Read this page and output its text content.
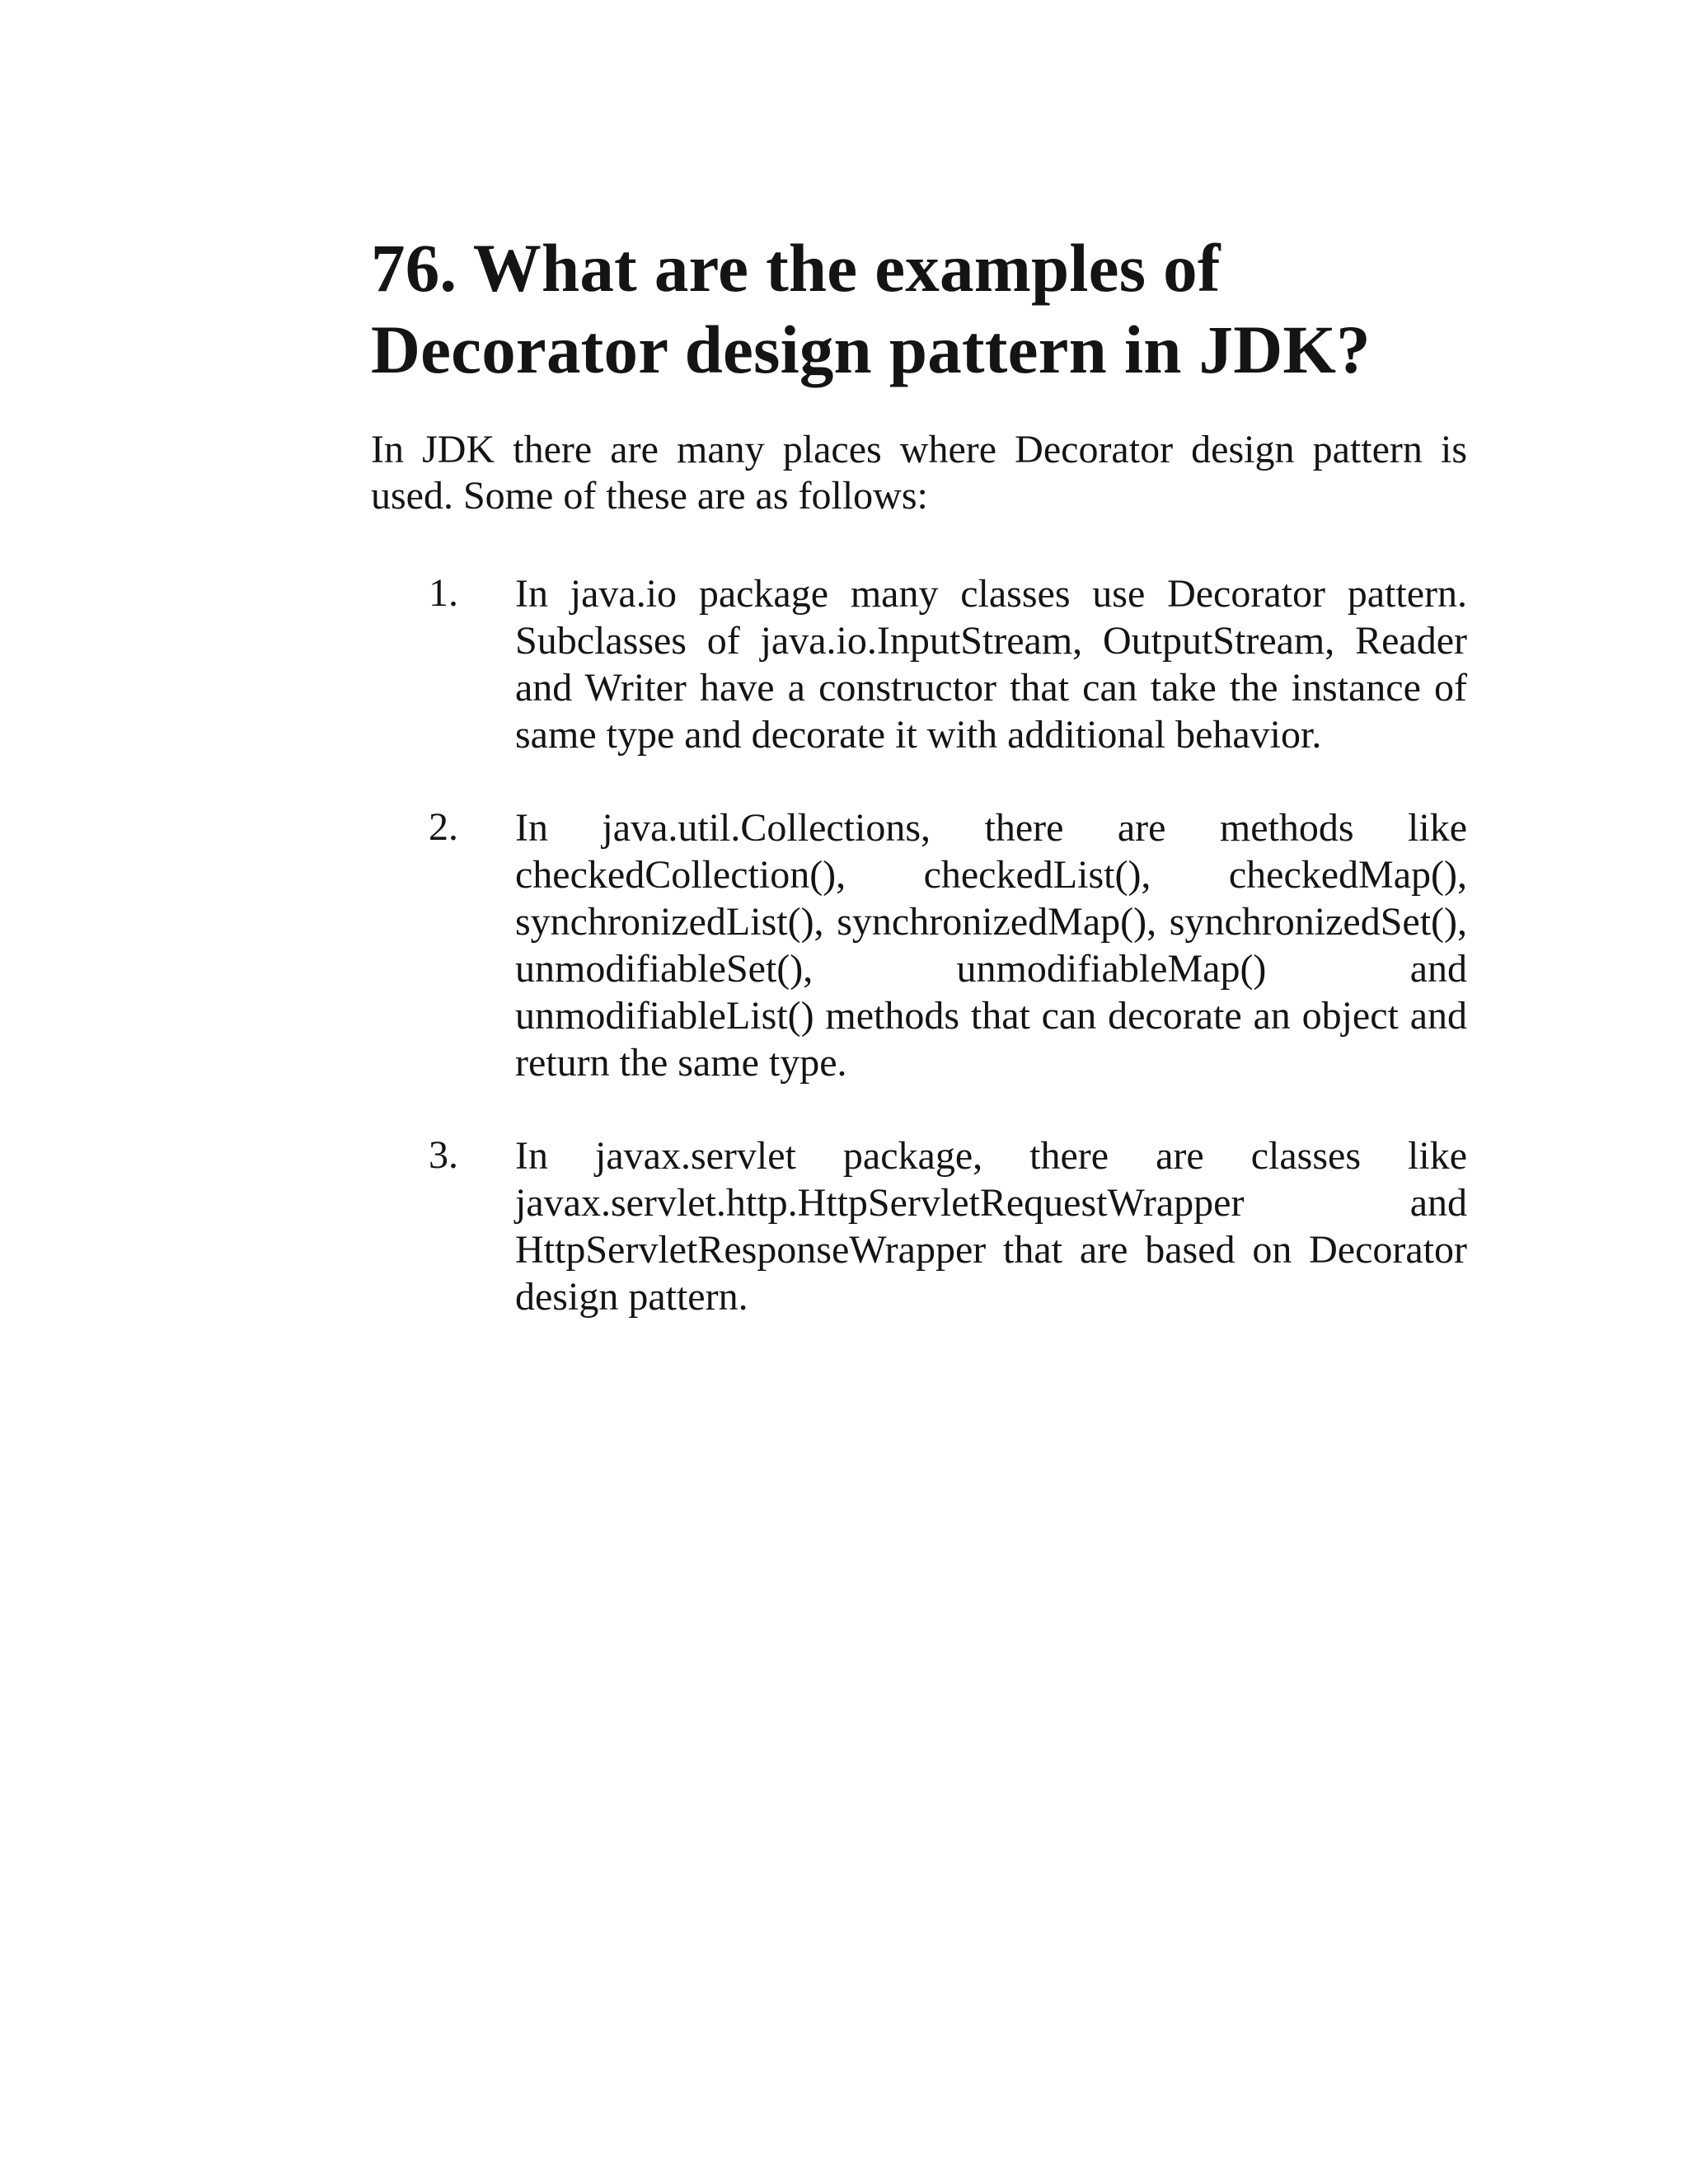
76. What are the examples of Decorator design pattern in JDK?

In JDK there are many places where Decorator design pattern is used. Some of these are as follows:

1. In java.io package many classes use Decorator pattern. Subclasses of java.io.InputStream, OutputStream, Reader and Writer have a constructor that can take the instance of same type and decorate it with additional behavior.
2. In java.util.Collections, there are methods like checkedCollection(), checkedList(), checkedMap(), synchronizedList(), synchronizedMap(), synchronizedSet(), unmodifiableSet(), unmodifiableMap() and unmodifiableList() methods that can decorate an object and return the same type.
3. In javax.servlet package, there are classes like javax.servlet.http.HttpServletRequestWrapper and HttpServletResponseWrapper that are based on Decorator design pattern.
